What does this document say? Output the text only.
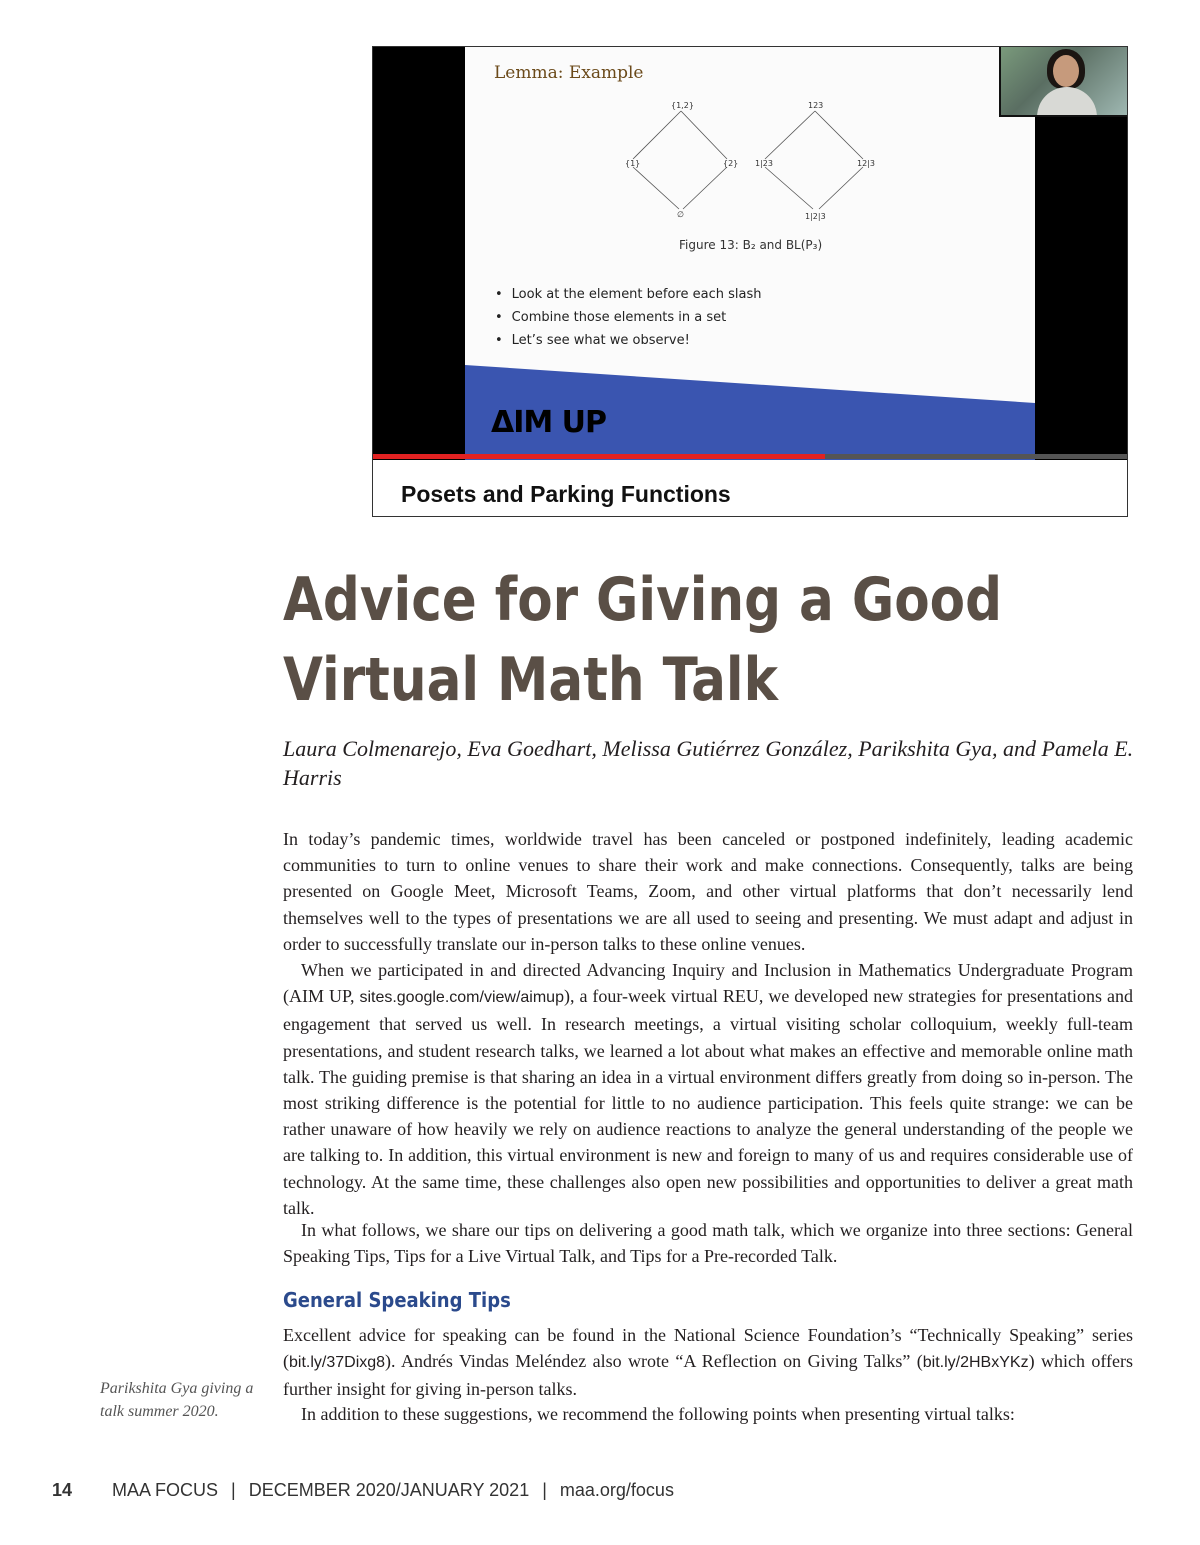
Lemma: Example
{1,2}
{1}	{2}
∅
123
1|23	12|3
1|2|3
Figure 13: B₂ and BL(P₃)
• Look at the element before each slash
• Combine those elements in a set
• Let’s see what we observe!
ΔIM UP
Posets and Parking Functions
Advice for Giving a Good Virtual Math Talk

Laura Colmenarejo, Eva Goedhart, Melissa Gutiérrez González, Parikshita Gya, and Pamela E. Harris

In today’s pandemic times, worldwide travel has been canceled or postponed indefinitely, leading academic communities to turn to online venues to share their work and make connections. Consequently, talks are being presented on Google Meet, Microsoft Teams, Zoom, and other virtual platforms that don’t necessarily lend themselves well to the types of presentations we are all used to seeing and presenting. We must adapt and adjust in order to successfully translate our in-person talks to these online venues.

When we participated in and directed Advancing Inquiry and Inclusion in Mathematics Undergraduate Program (AIM UP, sites.google.com/view/aimup), a four-week virtual REU, we developed new strategies for presentations and engagement that served us well. In research meetings, a virtual visiting scholar colloquium, weekly full-team presentations, and student research talks, we learned a lot about what makes an effective and memorable online math talk. The guiding premise is that sharing an idea in a virtual environment differs greatly from doing so in-person. The most striking difference is the potential for little to no audience participation. This feels quite strange: we can be rather unaware of how heavily we rely on audience reactions to analyze the general understanding of the people we are talking to. In addition, this virtual environment is new and foreign to many of us and requires considerable use of technology. At the same time, these challenges also open new possibilities and opportunities to deliver a great math talk.

In what follows, we share our tips on delivering a good math talk, which we organize into three sections: General Speaking Tips, Tips for a Live Virtual Talk, and Tips for a Pre-recorded Talk.

General Speaking Tips

Excellent advice for speaking can be found in the National Science Foundation’s “Technically Speaking” series (bit.ly/37Dixg8). Andrés Vindas Meléndez also wrote “A Reflection on Giving Talks” (bit.ly/2HBxYKz) which offers further insight for giving in-person talks.

In addition to these suggestions, we recommend the following points when presenting virtual talks:

Parikshita Gya giving a talk summer 2020.

14 MAA FOCUS | DECEMBER 2020/JANUARY 2021 | maa.org/focus
